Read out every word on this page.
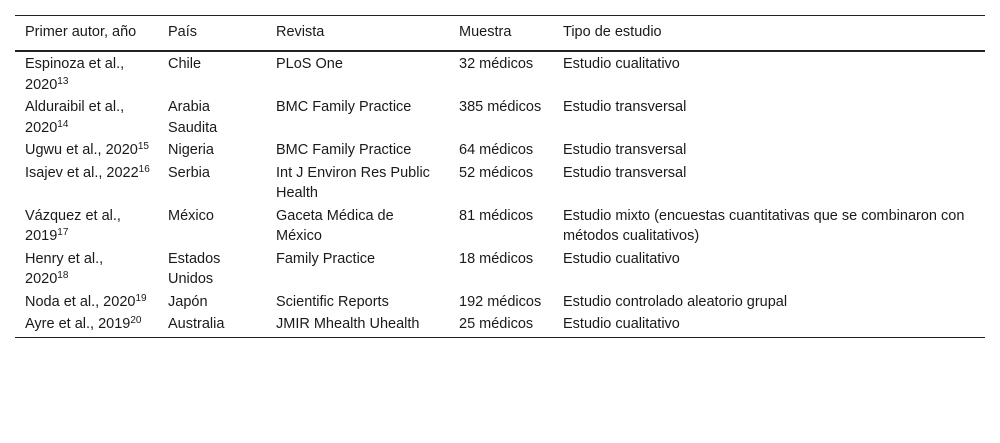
Primer autor, año	País	Revista	Muestra	Tipo de estudio
Espinoza et al., 2020$^{13}$	Chile	PLoS One	32 médicos	Estudio cualitativo
Alduraibil et al., 2020$^{14}$	Arabia Saudita	BMC Family Practice	385 médicos	Estudio transversal
Ugwu et al., 2020$^{15}$	Nigeria	BMC Family Practice	64 médicos	Estudio transversal
Isajev et al., 2022$^{16}$	Serbia	Int J Environ Res Public Health	52 médicos	Estudio transversal
Vázquez et al., 2019$^{17}$	México	Gaceta Médica de México	81 médicos	Estudio mixto (encuestas cuantitativas que se combinaron con métodos cualitativos)
Henry et al., 2020$^{18}$	Estados Unidos	Family Practice	18 médicos	Estudio cualitativo
Noda et al., 2020$^{19}$	Japón	Scientific Reports	192 médicos	Estudio controlado aleatorio grupal
Ayre et al., 2019$^{20}$	Australia	JMIR Mhealth Uhealth	25 médicos	Estudio cualitativo
